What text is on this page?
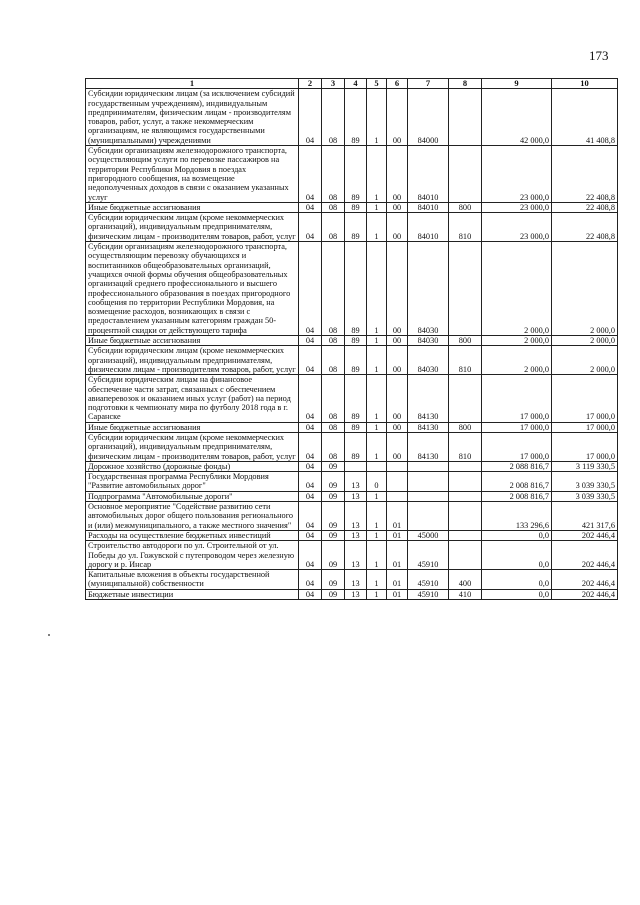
173
1	2	3	4	5	6	7	8	9	10
Субсидии юридическим лицам (за исключением субсидий государственным учреждениям), индивидуальным предпринимателям, физическим лицам - производителям товаров, работ, услуг, а также некоммерческим организациям, не являющимся государственными (муниципальными) учреждениями	04	08	89	1	00	84000		42 000,0	41 408,8
Субсидии организациям железнодорожного транспорта, осуществляющим услуги по перевозке пассажиров на территории Республики Мордовия в поездах пригородного сообщения, на возмещение недополученных доходов в связи с оказанием указанных услуг	04	08	89	1	00	84010		23 000,0	22 408,8
Иные бюджетные ассигнования	04	08	89	1	00	84010	800	23 000,0	22 408,8
Субсидии юридическим лицам (кроме некоммерческих организаций), индивидуальным предпринимателям, физическим лицам - производителям товаров, работ, услуг	04	08	89	1	00	84010	810	23 000,0	22 408,8
Субсидии организациям железнодорожного транспорта, осуществляющим перевозку обучающихся и воспитанников общеобразовательных организаций, учащихся очной формы обучения общеобразовательных организаций среднего профессионального и высшего профессионального образования в поездах пригородного сообщения по территории Республики Мордовия, на возмещение расходов, возникающих в связи с предоставлением указанным категориям граждан 50-процентной скидки от действующего тарифа	04	08	89	1	00	84030		2 000,0	2 000,0
Иные бюджетные ассигнования	04	08	89	1	00	84030	800	2 000,0	2 000,0
Субсидии юридическим лицам (кроме некоммерческих организаций), индивидуальным предпринимателям, физическим лицам - производителям товаров, работ, услуг	04	08	89	1	00	84030	810	2 000,0	2 000,0
Субсидии юридическим лицам на финансовое обеспечение части затрат, связанных с обеспечением авиаперевозок и оказанием иных услуг (работ) на период подготовки к чемпионату мира по футболу 2018 года в г. Саранске	04	08	89	1	00	84130		17 000,0	17 000,0
Иные бюджетные ассигнования	04	08	89	1	00	84130	800	17 000,0	17 000,0
Субсидии юридическим лицам (кроме некоммерческих организаций), индивидуальным предпринимателям, физическим лицам - производителям товаров, работ, услуг	04	08	89	1	00	84130	810	17 000,0	17 000,0
Дорожное хозяйство (дорожные фонды)	04	09						2 088 816,7	3 119 330,5
Государственная программа Республики Мордовия "Развитие автомобильных дорог"	04	09	13	0				2 008 816,7	3 039 330,5
Подпрограмма "Автомобильные дороги"	04	09	13	1				2 008 816,7	3 039 330,5
Основное мероприятие "Содействие развитию сети автомобильных дорог общего пользования регионального и (или) межмуниципального, а также местного значения"	04	09	13	1	01			133 296,6	421 317,6
Расходы на осуществление бюджетных инвестиций	04	09	13	1	01	45000		0,0	202 446,4
Строительство автодороги по ул. Строительной от ул. Победы до ул. Гожувской с путепроводом через железную дорогу и р. Инсар	04	09	13	1	01	45910		0,0	202 446,4
Капитальные вложения в объекты государственной (муниципальной) собственности	04	09	13	1	01	45910	400	0,0	202 446,4
Бюджетные инвестиции	04	09	13	1	01	45910	410	0,0	202 446,4
